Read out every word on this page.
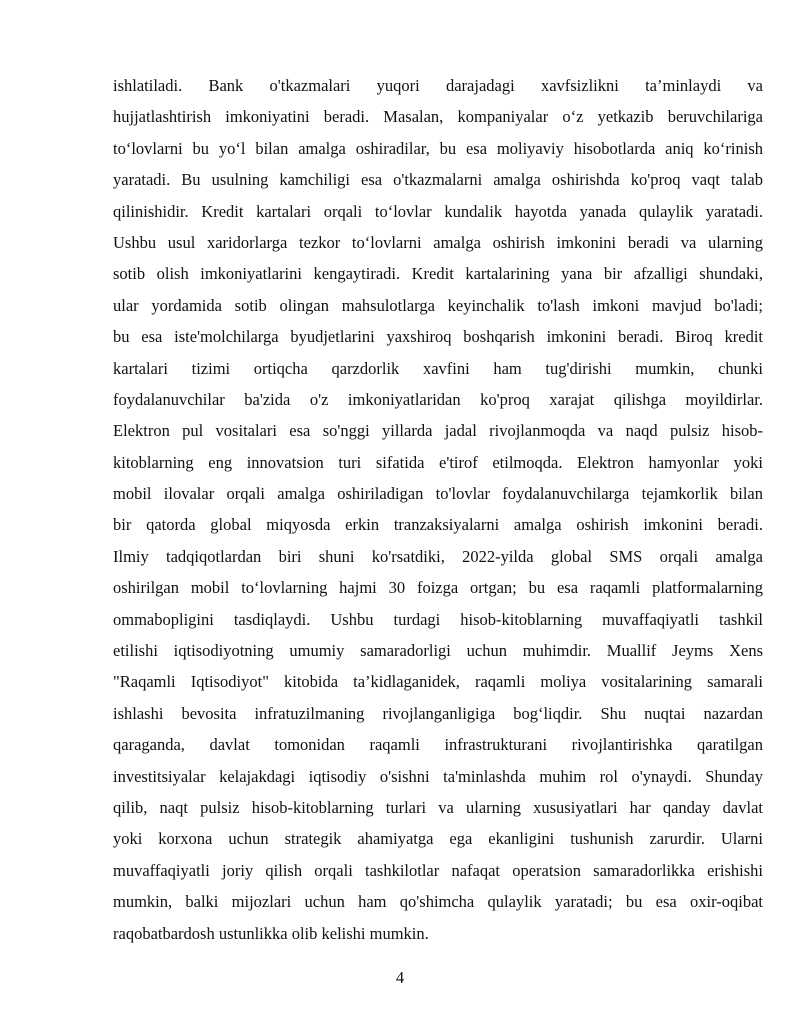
ishlatiladi. Bank o'tkazmalari yuqori darajadagi xavfsizlikni ta’minlaydi va
hujjatlashtirish imkoniyatini beradi. Masalan, kompaniyalar o‘z yetkazib beruvchilariga
to‘lovlarni bu yo‘l bilan amalga oshiradilar, bu esa moliyaviy hisobotlarda aniq ko‘rinish
yaratadi. Bu usulning kamchiligi esa o'tkazmalarni amalga oshirishda ko'proq vaqt talab
qilinishidir. Kredit kartalari orqali to‘lovlar kundalik hayotda yanada qulaylik yaratadi.
Ushbu usul xaridorlarga tezkor to‘lovlarni amalga oshirish imkonini beradi va ularning
sotib olish imkoniyatlarini kengaytiradi. Kredit kartalarining yana bir afzalligi shundaki,
ular yordamida sotib olingan mahsulotlarga keyinchalik to'lash imkoni mavjud bo'ladi;
bu esa iste'molchilarga byudjetlarini yaxshiroq boshqarish imkonini beradi. Biroq kredit
kartalari tizimi ortiqcha qarzdorlik xavfini ham tug'dirishi mumkin, chunki
foydalanuvchilar ba'zida o'z imkoniyatlaridan ko'proq xarajat qilishga moyildirlar.
Elektron pul vositalari esa so'nggi yillarda jadal rivojlanmoqda va naqd pulsiz hisob-
kitoblarning eng innovatsion turi sifatida e'tirof etilmoqda. Elektron hamyonlar yoki
mobil ilovalar orqali amalga oshiriladigan to'lovlar foydalanuvchilarga tejamkorlik bilan
bir qatorda global miqyosda erkin tranzaksiyalarni amalga oshirish imkonini beradi.
Ilmiy tadqiqotlardan biri shuni ko'rsatdiki, 2022-yilda global SMS orqali amalga
oshirilgan mobil to‘lovlarning hajmi 30 foizga ortgan; bu esa raqamli platformalarning
ommabopligini tasdiqlaydi. Ushbu turdagi hisob-kitoblarning muvaffaqiyatli tashkil
etilishi iqtisodiyotning umumiy samaradorligi uchun muhimdir. Muallif Jeyms Xens
"Raqamli Iqtisodiyot" kitobida ta’kidlaganidek, raqamli moliya vositalarining samarali
ishlashi bevosita infratuzilmaning rivojlanganligiga bog‘liqdir. Shu nuqtai nazardan
qaraganda, davlat tomonidan raqamli infrastrukturani rivojlantirishka qaratilgan
investitsiyalar kelajakdagi iqtisodiy o'sishni ta'minlashda muhim rol o'ynaydi. Shunday
qilib, naqt pulsiz hisob-kitoblarning turlari va ularning xususiyatlari har qanday davlat
yoki korxona uchun strategik ahamiyatga ega ekanligini tushunish zarurdir. Ularni
muvaffaqiyatli joriy qilish orqali tashkilotlar nafaqat operatsion samaradorlikka erishishi
mumkin, balki mijozlari uchun ham qo'shimcha qulaylik yaratadi; bu esa oxir-oqibat
raqobatbardosh ustunlikka olib kelishi mumkin.
4
